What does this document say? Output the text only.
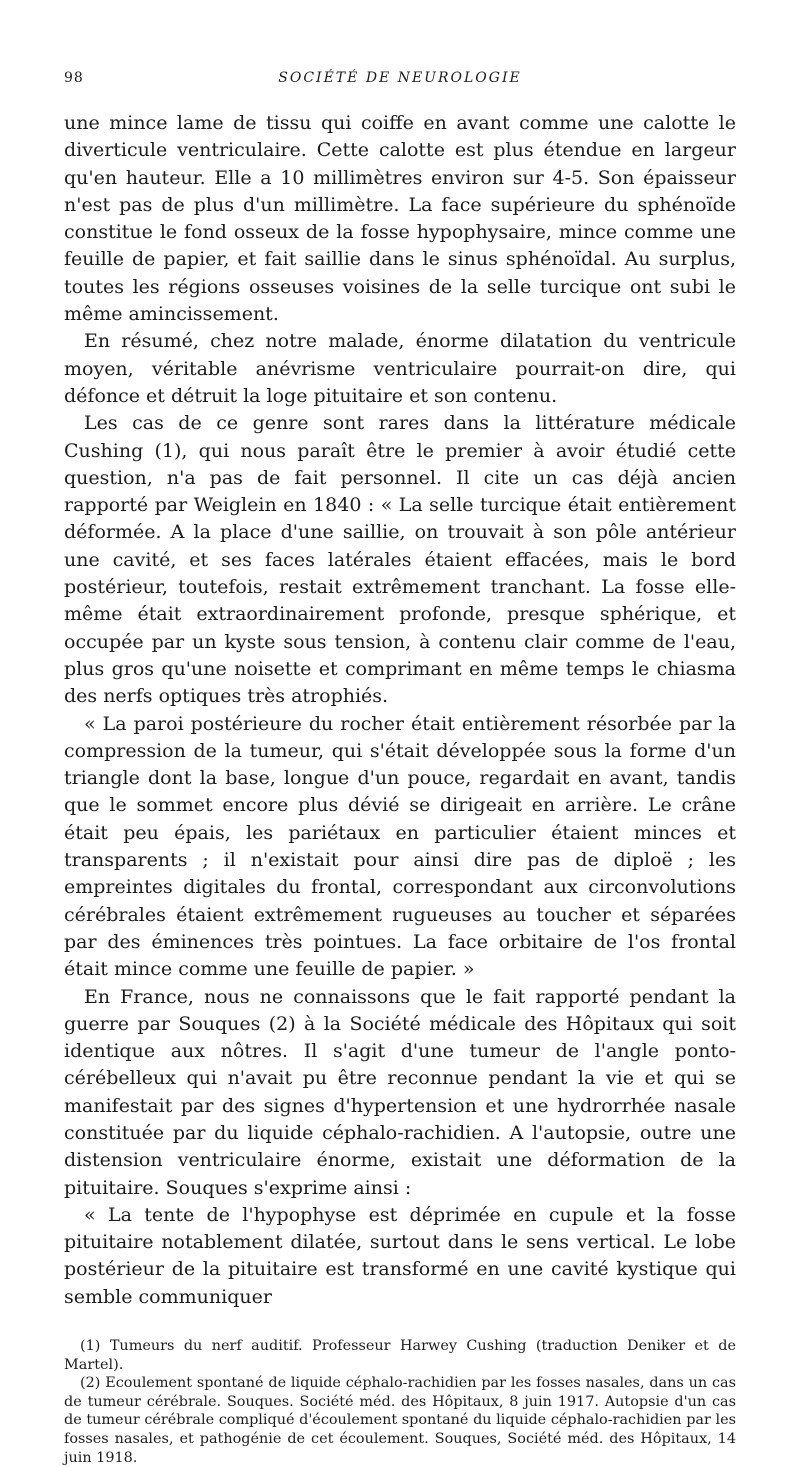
98	SOCIÉTÉ DE NEUROLOGIE

une mince lame de tissu qui coiffe en avant comme une calotte le diverticule ventriculaire. Cette calotte est plus étendue en largeur qu'en hauteur. Elle a 10 millimètres environ sur 4-5. Son épaisseur n'est pas de plus d'un millimètre. La face supérieure du sphénoïde constitue le fond osseux de la fosse hypophysaire, mince comme une feuille de papier, et fait saillie dans le sinus sphénoïdal. Au surplus, toutes les régions osseuses voisines de la selle turcique ont subi le même amincissement.

En résumé, chez notre malade, énorme dilatation du ventricule moyen, véritable anévrisme ventriculaire pourrait-on dire, qui défonce et détruit la loge pituitaire et son contenu.

Les cas de ce genre sont rares dans la littérature médicale Cushing (1), qui nous paraît être le premier à avoir étudié cette question, n'a pas de fait personnel. Il cite un cas déjà ancien rapporté par Weiglein en 1840 : « La selle turcique était entièrement déformée. A la place d'une saillie, on trouvait à son pôle antérieur une cavité, et ses faces latérales étaient effacées, mais le bord postérieur, toutefois, restait extrêmement tranchant. La fosse elle-même était extraordinairement profonde, presque sphérique, et occupée par un kyste sous tension, à contenu clair comme de l'eau, plus gros qu'une noisette et comprimant en même temps le chiasma des nerfs optiques très atrophiés.

« La paroi postérieure du rocher était entièrement résorbée par la compression de la tumeur, qui s'était développée sous la forme d'un triangle dont la base, longue d'un pouce, regardait en avant, tandis que le sommet encore plus dévié se dirigeait en arrière. Le crâne était peu épais, les pariétaux en particulier étaient minces et transparents ; il n'existait pour ainsi dire pas de diploë ; les empreintes digitales du frontal, correspondant aux circonvolutions cérébrales étaient extrêmement rugueuses au toucher et séparées par des éminences très pointues. La face orbitaire de l'os frontal était mince comme une feuille de papier. »

En France, nous ne connaissons que le fait rapporté pendant la guerre par Souques (2) à la Société médicale des Hôpitaux qui soit identique aux nôtres. Il s'agit d'une tumeur de l'angle ponto-cérébelleux qui n'avait pu être reconnue pendant la vie et qui se manifestait par des signes d'hypertension et une hydrorrhée nasale constituée par du liquide céphalo-rachidien. A l'autopsie, outre une distension ventriculaire énorme, existait une déformation de la pituitaire. Souques s'exprime ainsi :

« La tente de l'hypophyse est déprimée en cupule et la fosse pituitaire notablement dilatée, surtout dans le sens vertical. Le lobe postérieur de la pituitaire est transformé en une cavité kystique qui semble communiquer

(1) Tumeurs du nerf auditif. Professeur Harwey Cushing (traduction Deniker et de Martel).

(2) Ecoulement spontané de liquide céphalo-rachidien par les fosses nasales, dans un cas de tumeur cérébrale. Souques. Société méd. des Hôpitaux, 8 juin 1917. Autopsie d'un cas de tumeur cérébrale compliqué d'écoulement spontané du liquide céphalo-rachidien par les fosses nasales, et pathogénie de cet écoulement. Souques, Société méd. des Hôpitaux, 14 juin 1918.
